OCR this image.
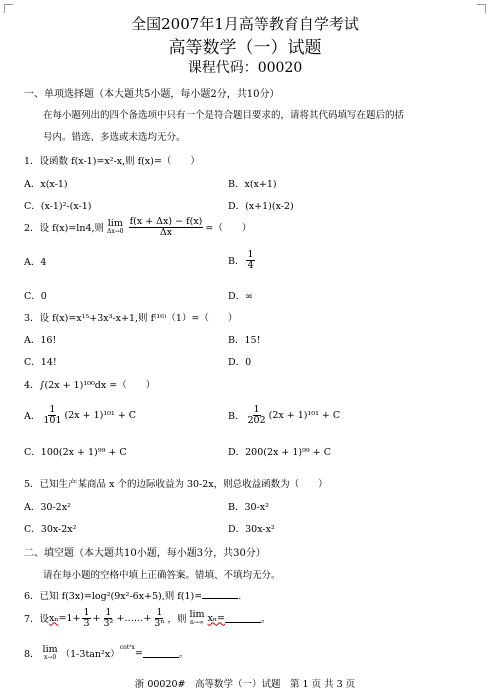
全国2007年1月高等教育自学考试
高等数学（一）试题
课程代码：00020
一、单项选择题（本大题共5小题，每小题2分，共10分）
在每小题列出的四个备选项中只有一个是符合题目要求的，请将其代码填写在题后的括
号内。错选、多选或未选均无分。
1．设函数 f(x-1)=x²-x,则 f(x)=（　　）
A．x(x-1)	B．x(x+1)
C．(x-1)²-(x-1)	D．(x+1)(x-2)
2．设 f(x)=ln4,则 lim
$\Delta x\to 0 \frac{f(x + \Delta x) - f(x)}{\Delta x}$ =（　　）
A．4	B． $\frac{1}{4}$
C．0	D．∞
3．设 f(x)=x¹⁵+3x³-x+1,则 f⁽¹⁶⁾（1）=（　　）
A．16!	B．15!
C．14!	D．0
4． ∫(2x + 1)¹⁰⁰dx =（　　）
A． $\frac{1}{101} (2x + 1)^{101} + C$	B． $\frac{1}{202} (2x + 1)^{101} + C$
C．100(2x + 1)⁹⁹ + C	D．200(2x + 1)⁹⁹ + C
5．已知生产某商品 x 个的边际收益为 30-2x，则总收益函数为（　　）
A．30-2x²	B．30-x²
C．30x-2x²	D．30x-x²
二、填空题（本大题共10小题，每小题3分，共30分）
请在每小题的空格中填上正确答案。错填、不填均无分。
6．已知 f(3x)=log²(9x²-6x+5),则 f(1)=	.
7．设 $x_n =1+ \frac{1}{3} + \frac{1}{\text{3²}}$ +……+ $\frac{1}{\text{3ⁿ}}$ ，则 lim
n→∞ xₙ=	。
8． lim
x→0 （1-3tan²x）
cot²x
=	。
浙 00020#　高等数学（一）试题　第 1 页 共 3 页
